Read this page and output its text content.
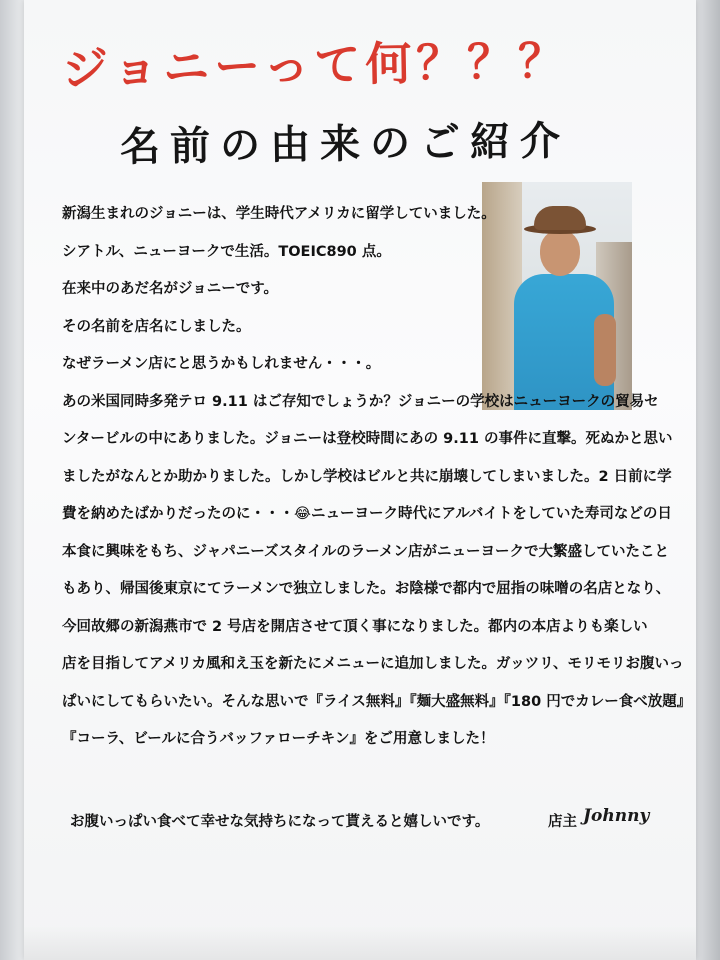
ジョニーって何？？？
名前の由来のご紹介

新潟生まれのジョニーは、学生時代アメリカに留学していました。

シアトル、ニューヨークで生活。TOEIC890 点。

在来中のあだ名がジョニーです。

その名前を店名にしました。

なぜラーメン店にと思うかもしれません・・・。

あの米国同時多発テロ 9.11 はご存知でしょうか？ジョニーの学校はニューヨークの貿易セ

ンタービルの中にありました。ジョニーは登校時間にあの 9.11 の事件に直撃。死ぬかと思い

ましたがなんとか助かりました。しかし学校はビルと共に崩壊してしまいました。2 日前に学

費を納めたばかりだったのに・・・😂ニューヨーク時代にアルバイトをしていた寿司などの日

本食に興味をもち、ジャパニーズスタイルのラーメン店がニューヨークで大繁盛していたこと

もあり、帰国後東京にてラーメンで独立しました。お陰様で都内で屈指の味噌の名店となり、

今回故郷の新潟燕市で 2 号店を開店させて頂く事になりました。都内の本店よりも楽しい

店を目指してアメリカ風和え玉を新たにメニューに追加しました。ガッツリ、モリモリお腹いっ

ぱいにしてもらいたい。そんな思いで『ライス無料』『麺大盛無料』『180 円でカレー食べ放題』

『コーラ、ビールに合うバッファローチキン』をご用意しました！

お腹いっぱい食べて幸せな気持ちになって貰えると嬉しいです。	店主 Johnny
